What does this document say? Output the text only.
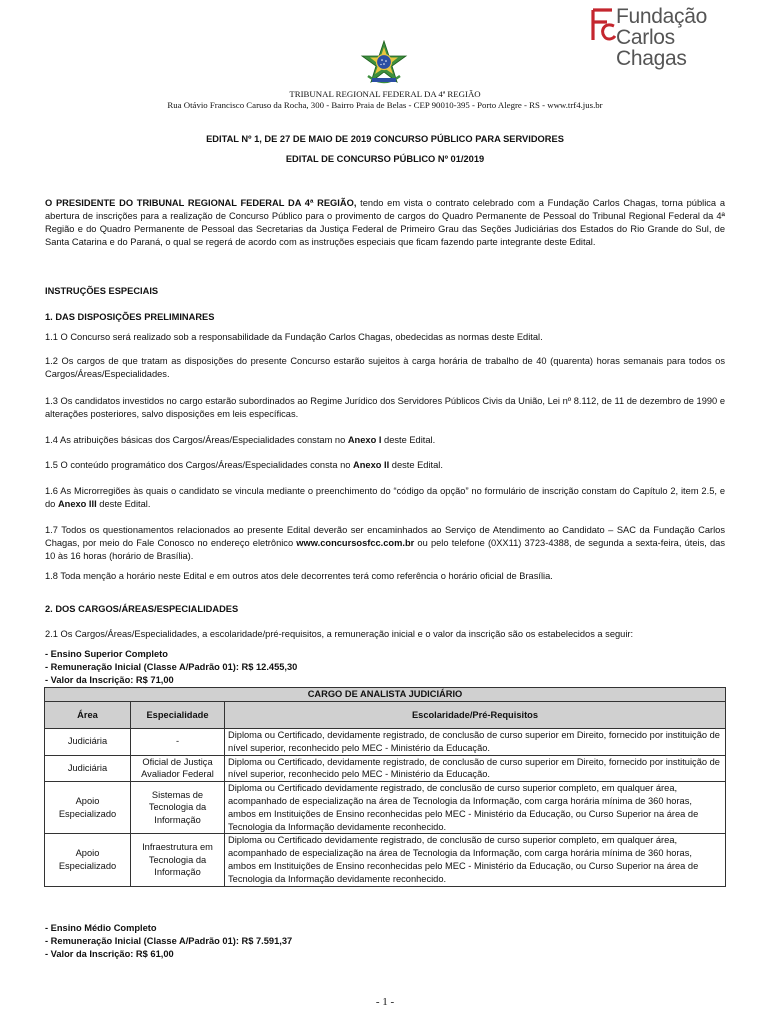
Fundação
Carlos Chagas
TRIBUNAL REGIONAL FEDERAL DA 4ª REGIÃO
Rua Otávio Francisco Caruso da Rocha, 300 - Bairro Praia de Belas - CEP 90010-395 - Porto Alegre - RS - www.trf4.jus.br
EDITAL Nº 1, DE 27 DE MAIO DE 2019 CONCURSO PÚBLICO PARA SERVIDORES
EDITAL DE CONCURSO PÚBLICO Nº 01/2019
O PRESIDENTE DO TRIBUNAL REGIONAL FEDERAL DA 4ª REGIÃO, tendo em vista o contrato celebrado com a Fundação Carlos Chagas, torna pública a abertura de inscrições para a realização de Concurso Público para o provimento de cargos do Quadro Permanente de Pessoal do Tribunal Regional Federal da 4ª Região e do Quadro Permanente de Pessoal das Secretarias da Justiça Federal de Primeiro Grau das Seções Judiciárias dos Estados do Rio Grande do Sul, de Santa Catarina e do Paraná, o qual se regerá de acordo com as instruções especiais que ficam fazendo parte integrante deste Edital.
INSTRUÇÕES ESPECIAIS
1. DAS DISPOSIÇÕES PRELIMINARES
1.1 O Concurso será realizado sob a responsabilidade da Fundação Carlos Chagas, obedecidas as normas deste Edital.
1.2 Os cargos de que tratam as disposições do presente Concurso estarão sujeitos à carga horária de trabalho de 40 (quarenta) horas semanais para todos os Cargos/Áreas/Especialidades.
1.3 Os candidatos investidos no cargo estarão subordinados ao Regime Jurídico dos Servidores Públicos Civis da União, Lei nº 8.112, de 11 de dezembro de 1990 e alterações posteriores, salvo disposições em leis específicas.
1.4 As atribuições básicas dos Cargos/Áreas/Especialidades constam no Anexo I deste Edital.
1.5 O conteúdo programático dos Cargos/Áreas/Especialidades consta no Anexo II deste Edital.
1.6 As Microrregiões às quais o candidato se vincula mediante o preenchimento do “código da opção” no formulário de inscrição constam do Capítulo 2, item 2.5, e do Anexo III deste Edital.
1.7 Todos os questionamentos relacionados ao presente Edital deverão ser encaminhados ao Serviço de Atendimento ao Candidato – SAC da Fundação Carlos Chagas, por meio do Fale Conosco no endereço eletrônico www.concursosfcc.com.br ou pelo telefone (0XX11) 3723-4388, de segunda a sexta-feira, úteis, das 10 às 16 horas (horário de Brasília).
1.8 Toda menção a horário neste Edital e em outros atos dele decorrentes terá como referência o horário oficial de Brasília.
2. DOS CARGOS/ÁREAS/ESPECIALIDADES
2.1 Os Cargos/Áreas/Especialidades, a escolaridade/pré-requisitos, a remuneração inicial e o valor da inscrição são os estabelecidos a seguir:
- Ensino Superior Completo
- Remuneração Inicial (Classe A/Padrão 01): R$ 12.455,30
- Valor da Inscrição: R$ 71,00
CARGO DE ANALISTA JUDICIÁRIO		
Área	Especialidade	Escolaridade/Pré-Requisitos
Judiciária	-	Diploma ou Certificado, devidamente registrado, de conclusão de curso superior em Direito, fornecido por instituição de nível superior, reconhecido pelo MEC - Ministério da Educação.
Judiciária	Oficial de Justiça Avaliador Federal	Diploma ou Certificado, devidamente registrado, de conclusão de curso superior em Direito, fornecido por instituição de nível superior, reconhecido pelo MEC - Ministério da Educação.
Apoio Especializado	Sistemas de Tecnologia da Informação	Diploma ou Certificado devidamente registrado, de conclusão de curso superior completo, em qualquer área, acompanhado de especialização na área de Tecnologia da Informação, com carga horária mínima de 360 horas, ambos em Instituições de Ensino reconhecidas pelo MEC - Ministério da Educação, ou Curso Superior na área de Tecnologia da Informação devidamente reconhecido.
Apoio Especializado	Infraestrutura em Tecnologia da Informação	Diploma ou Certificado devidamente registrado, de conclusão de curso superior completo, em qualquer área, acompanhado de especialização na área de Tecnologia da Informação, com carga horária mínima de 360 horas, ambos em Instituições de Ensino reconhecidas pelo MEC - Ministério da Educação, ou Curso Superior na área de Tecnologia da Informação devidamente reconhecido.
- Ensino Médio Completo
- Remuneração Inicial (Classe A/Padrão 01): R$ 7.591,37
- Valor da Inscrição: R$ 61,00
- 1 -
